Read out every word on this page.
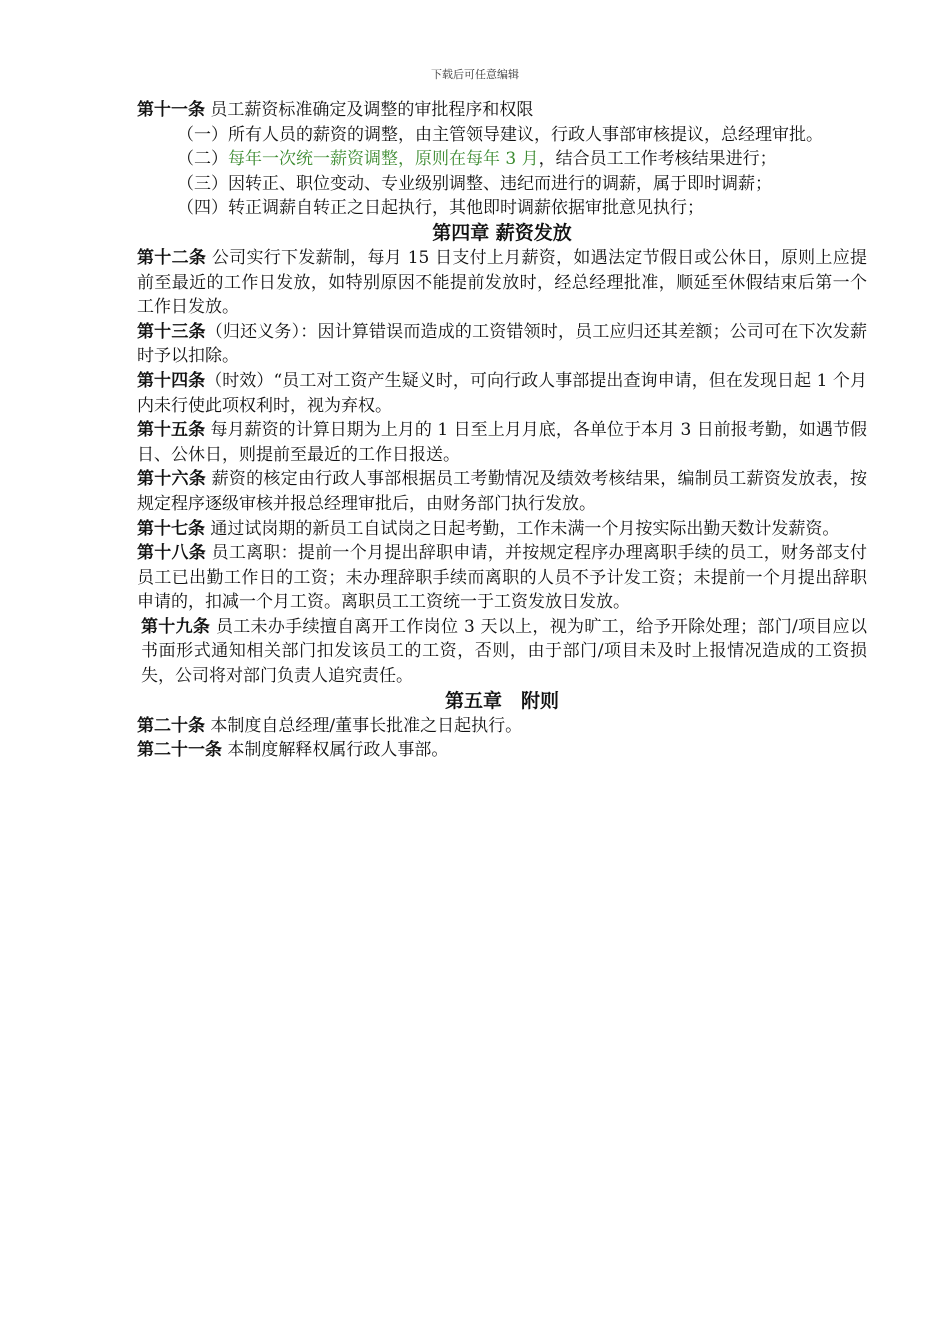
下载后可任意编辑

第十一条 员工薪资标准确定及调整的审批程序和权限

（一）所有人员的薪资的调整，由主管领导建议，行政人事部审核提议，总经理审批。

（二）每年一次统一薪资调整，原则在每年 3 月，结合员工工作考核结果进行；

（三）因转正、职位变动、专业级别调整、违纪而进行的调薪，属于即时调薪；

（四）转正调薪自转正之日起执行，其他即时调薪依据审批意见执行；

第四章 薪资发放

第十二条 公司实行下发薪制，每月 15 日支付上月薪资，如遇法定节假日或公休日，原则上应提前至最近的工作日发放，如特别原因不能提前发放时，经总经理批准，顺延至休假结束后第一个工作日发放。

第十三条（归还义务）：因计算错误而造成的工资错领时，员工应归还其差额；公司可在下次发薪时予以扣除。

第十四条（时效）“员工对工资产生疑义时，可向行政人事部提出查询申请，但在发现日起 1 个月内未行使此项权利时，视为弃权。

第十五条 每月薪资的计算日期为上月的 1 日至上月月底，各单位于本月 3 日前报考勤，如遇节假日、公休日，则提前至最近的工作日报送。

第十六条 薪资的核定由行政人事部根据员工考勤情况及绩效考核结果，编制员工薪资发放表，按规定程序逐级审核并报总经理审批后，由财务部门执行发放。

第十七条 通过试岗期的新员工自试岗之日起考勤，工作未满一个月按实际出勤天数计发薪资。

第十八条 员工离职：提前一个月提出辞职申请，并按规定程序办理离职手续的员工，财务部支付员工已出勤工作日的工资；未办理辞职手续而离职的人员不予计发工资；未提前一个月提出辞职申请的，扣减一个月工资。离职员工工资统一于工资发放日发放。

第十九条 员工未办手续擅自离开工作岗位 3 天以上，视为旷工，给予开除处理；部门/项目应以书面形式通知相关部门扣发该员工的工资，否则，由于部门/项目未及时上报情况造成的工资损失，公司将对部门负责人追究责任。

第五章　附则

第二十条 本制度自总经理/董事长批准之日起执行。

第二十一条 本制度解释权属行政人事部。
